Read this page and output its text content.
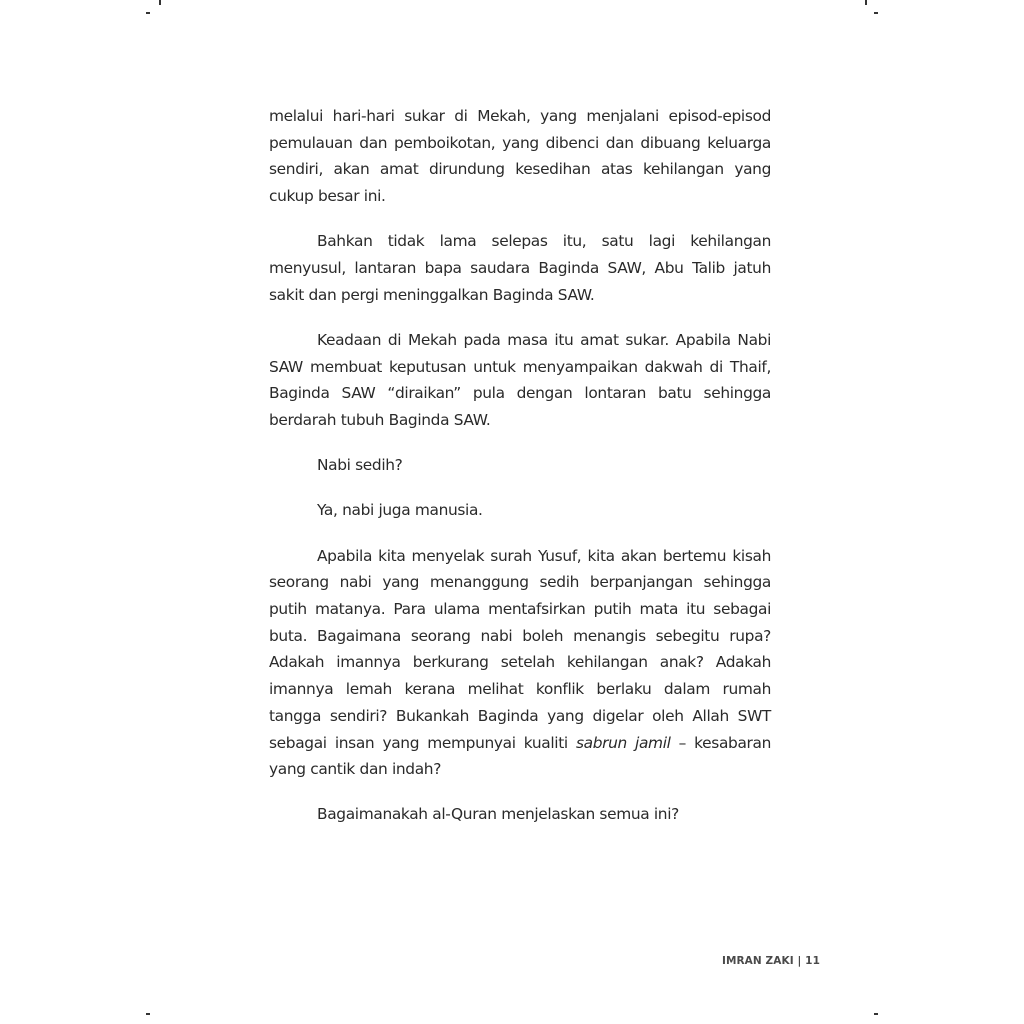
melalui hari-hari sukar di Mekah, yang menjalani episod-episod pemulauan dan pemboikotan, yang dibenci dan dibuang keluarga sendiri, akan amat dirundung kesedihan atas kehilangan yang cukup besar ini.

Bahkan tidak lama selepas itu, satu lagi kehilangan menyusul, lantaran bapa saudara Baginda SAW, Abu Talib jatuh sakit dan pergi meninggalkan Baginda SAW.

Keadaan di Mekah pada masa itu amat sukar. Apabila Nabi SAW membuat keputusan untuk menyampaikan dakwah di Thaif, Baginda SAW “diraikan” pula dengan lontaran batu sehingga berdarah tubuh Baginda SAW.

Nabi sedih?

Ya, nabi juga manusia.

Apabila kita menyelak surah Yusuf, kita akan bertemu kisah seorang nabi yang menanggung sedih berpanjangan sehingga putih matanya. Para ulama mentafsirkan putih mata itu sebagai buta. Bagaimana seorang nabi boleh menangis sebegitu rupa? Adakah imannya berkurang setelah kehilangan anak? Adakah imannya lemah kerana melihat konflik berlaku dalam rumah tangga sendiri? Bukankah Baginda yang digelar oleh Allah SWT sebagai insan yang mempunyai kualiti sabrun jamil – kesabaran yang cantik dan indah?

Bagaimanakah al-Quran menjelaskan semua ini?

IMRAN ZAKI | 11
